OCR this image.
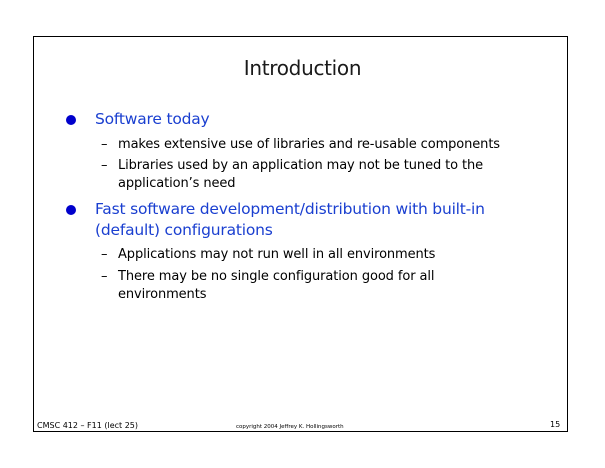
Introduction
Software today
– makes extensive use of libraries and re-usable components
– Libraries used by an application may not be tuned to the
application’s need
Fast software development/distribution with built-in
(default) configurations
– Applications may not run well in all environments
– There may be no single configuration good for all
environments
CMSC 412 – F11 (lect 25)	copyright 2004 Jeffrey K. Hollingsworth	15
